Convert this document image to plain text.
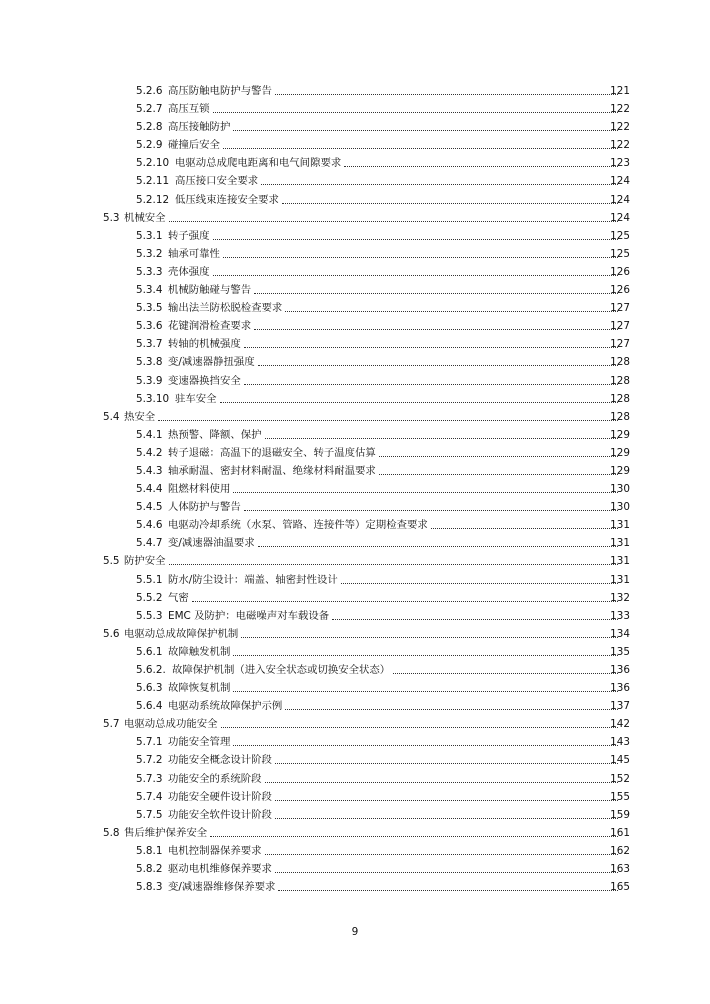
5.2.6 高压防触电防护与警告	121
5.2.7 高压互锁	122
5.2.8 高压接触防护	122
5.2.9 碰撞后安全	122
5.2.10 电驱动总成爬电距离和电气间隙要求	123
5.2.11 高压接口安全要求	124
5.2.12 低压线束连接安全要求	124
5.3 机械安全	124
5.3.1 转子强度	125
5.3.2 轴承可靠性	125
5.3.3 壳体强度	126
5.3.4 机械防触碰与警告	126
5.3.5 输出法兰防松脱检查要求	127
5.3.6 花键润滑检查要求	127
5.3.7 转轴的机械强度	127
5.3.8 变/减速器静扭强度	128
5.3.9 变速器换挡安全	128
5.3.10 驻车安全	128
5.4 热安全	128
5.4.1 热预警、降额、保护	129
5.4.2 转子退磁：高温下的退磁安全、转子温度估算	129
5.4.3 轴承耐温、密封材料耐温、绝缘材料耐温要求	129
5.4.4 阻燃材料使用	130
5.4.5 人体防护与警告	130
5.4.6 电驱动冷却系统（水泵、管路、连接件等）定期检查要求	131
5.4.7 变/减速器油温要求	131
5.5 防护安全	131
5.5.1 防水/防尘设计：端盖、轴密封性设计	131
5.5.2 气密	132
5.5.3 EMC 及防护：电磁噪声对车载设备	133
5.6 电驱动总成故障保护机制	134
5.6.1 故障触发机制	135
5.6.2. 故障保护机制（进入安全状态或切换安全状态）	136
5.6.3 故障恢复机制	136
5.6.4 电驱动系统故障保护示例	137
5.7 电驱动总成功能安全	142
5.7.1 功能安全管理	143
5.7.2 功能安全概念设计阶段	145
5.7.3 功能安全的系统阶段	152
5.7.4 功能安全硬件设计阶段	155
5.7.5 功能安全软件设计阶段	159
5.8 售后维护保养安全	161
5.8.1 电机控制器保养要求	162
5.8.2 驱动电机维修保养要求	163
5.8.3 变/减速器维修保养要求	165
9
